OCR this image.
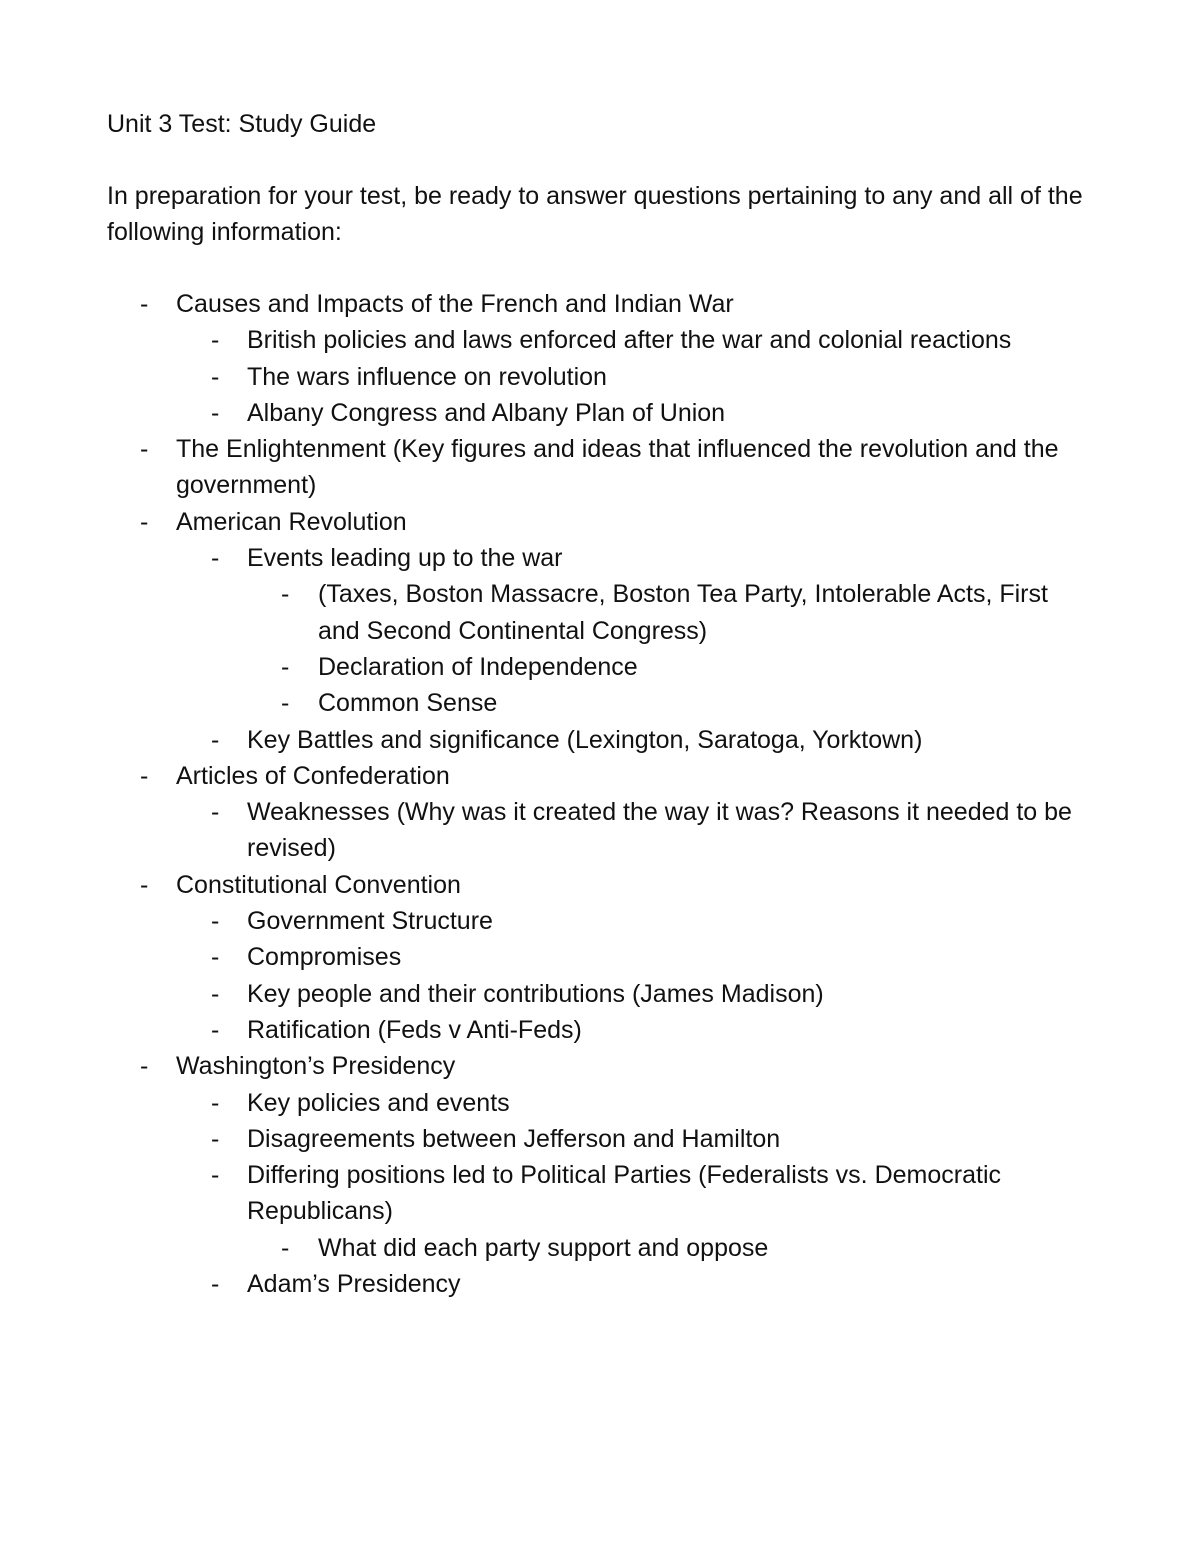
Unit 3 Test: Study Guide
In preparation for your test, be ready to answer questions pertaining to any and all of the following information:
- Causes and Impacts of the French and Indian War
- British policies and laws enforced after the war and colonial reactions
- The wars influence on revolution
- Albany Congress and Albany Plan of Union
- The Enlightenment (Key figures and ideas that influenced the revolution and the government)
- American Revolution
- Events leading up to the war
- (Taxes, Boston Massacre, Boston Tea Party, Intolerable Acts, First and Second Continental Congress)
- Declaration of Independence
- Common Sense
- Key Battles and significance (Lexington, Saratoga, Yorktown)
- Articles of Confederation
- Weaknesses (Why was it created the way it was? Reasons it needed to be revised)
- Constitutional Convention
- Government Structure
- Compromises
- Key people and their contributions (James Madison)
- Ratification (Feds v Anti-Feds)
- Washington’s Presidency
- Key policies and events
- Disagreements between Jefferson and Hamilton
- Differing positions led to Political Parties (Federalists vs. Democratic Republicans)
- What did each party support and oppose
- Adam’s Presidency
